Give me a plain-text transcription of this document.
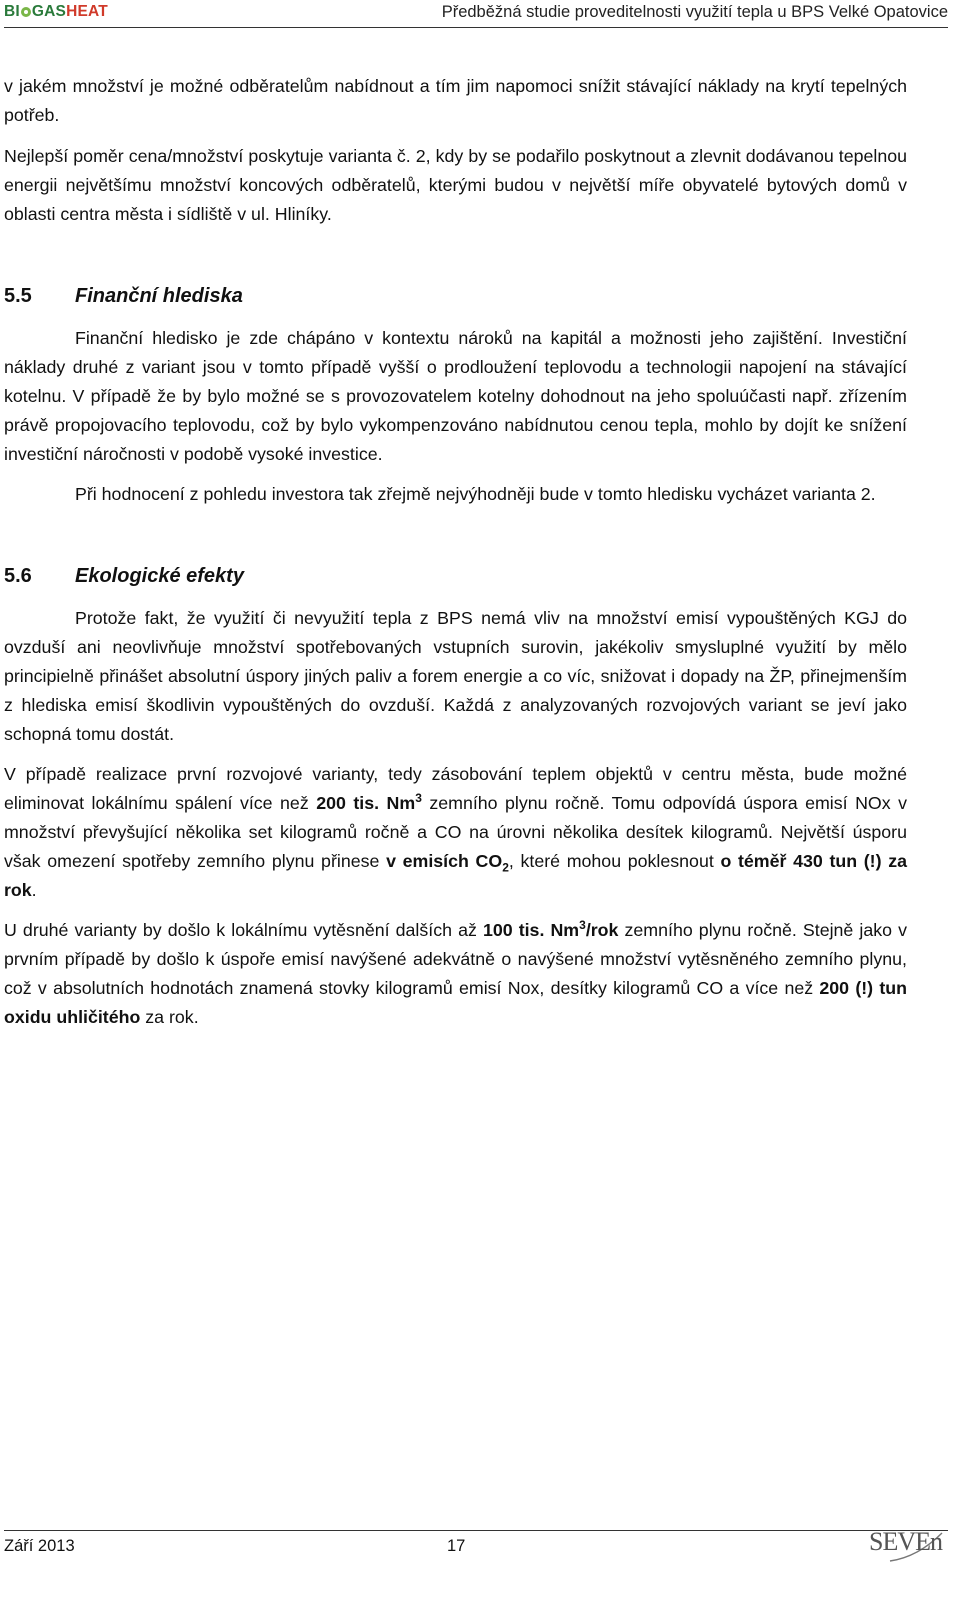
BI GASHEAT	Předběžná studie proveditelnosti využití tepla u BPS Velké Opatovice

v jakém množství je možné odběratelům nabídnout a tím jim napomoci snížit stávající náklady na krytí tepelných potřeb.

Nejlepší poměr cena/množství poskytuje varianta č. 2, kdy by se podařilo poskytnout a zlevnit dodávanou tepelnou energii největšímu množství koncových odběratelů, kterými budou v největší míře obyvatelé bytových domů v oblasti centra města i sídliště v ul. Hliníky.

5.5 Finanční hlediska

Finanční hledisko je zde chápáno v kontextu nároků na kapitál a možnosti jeho zajištění. Investiční náklady druhé z variant jsou v tomto případě vyšší o prodloužení teplovodu a technologii napojení na stávající kotelnu. V případě že by bylo možné se s provozovatelem kotelny dohodnout na jeho spoluúčasti např. zřízením právě propojovacího teplovodu, což by bylo vykompenzováno nabídnutou cenou tepla, mohlo by dojít ke snížení investiční náročnosti v podobě vysoké investice.

Při hodnocení z pohledu investora tak zřejmě nejvýhodněji bude v tomto hledisku vycházet varianta 2.

5.6 Ekologické efekty

Protože fakt, že využití či nevyužití tepla z BPS nemá vliv na množství emisí vypouštěných KGJ do ovzduší ani neovlivňuje množství spotřebovaných vstupních surovin, jakékoliv smysluplné využití by mělo principielně přinášet absolutní úspory jiných paliv a forem energie a co víc, snižovat i dopady na ŽP, přinejmenším z hlediska emisí škodlivin vypouštěných do ovzduší. Každá z analyzovaných rozvojových variant se jeví jako schopná tomu dostát.

V případě realizace první rozvojové varianty, tedy zásobování teplem objektů v centru města, bude možné eliminovat lokálnímu spálení více než 200 tis. Nm$^3$ zemního plynu ročně. Tomu odpovídá úspora emisí NOx v množství převyšující několika set kilogramů ročně a CO na úrovni několika desítek kilogramů. Největší úsporu však omezení spotřeby zemního plynu přinese v emisích $CO_2$, které mohou poklesnout o téměř 430 tun (!) za rok.

U druhé varianty by došlo k lokálnímu vytěsnění dalších až 100 tis. Nm$^3$/rok zemního plynu ročně. Stejně jako v prvním případě by došlo k úspoře emisí navýšené adekvátně o navýšené množství vytěsněného zemního plynu, což v absolutních hodnotách znamená stovky kilogramů emisí Nox, desítky kilogramů CO a více než 200 (!) tun oxidu uhličitého za rok.

Září 2013	17	SEVEn
